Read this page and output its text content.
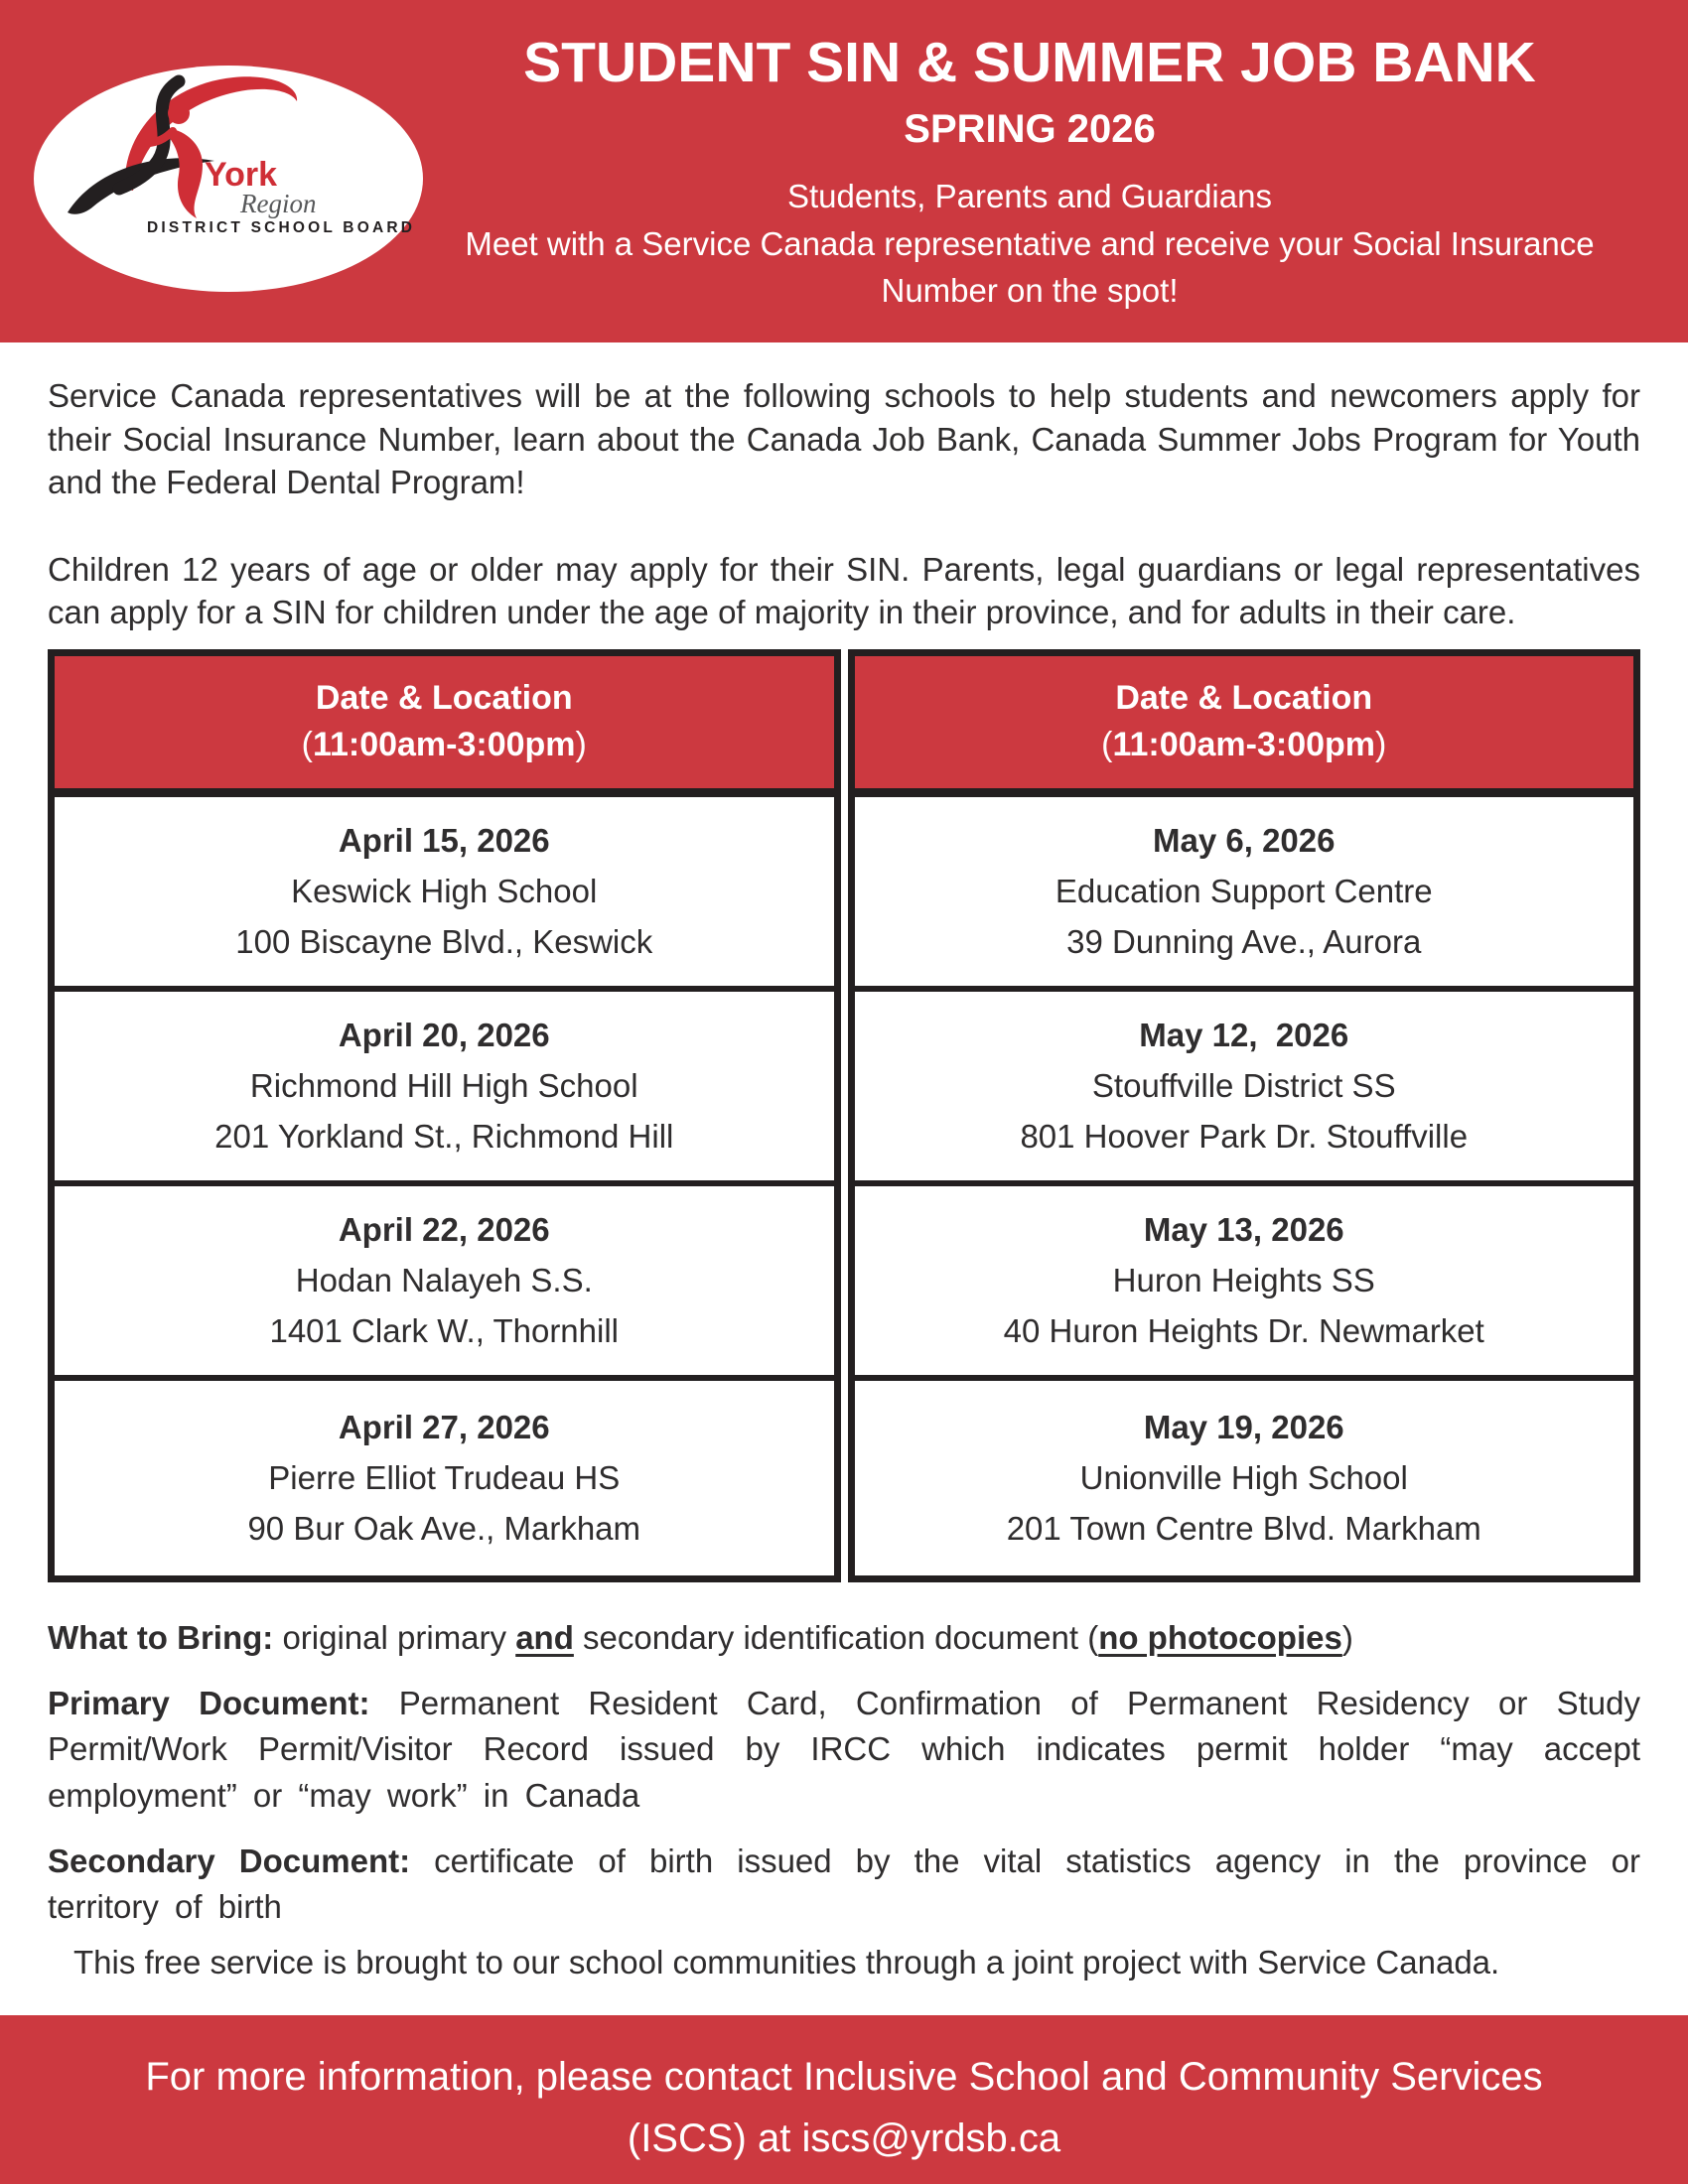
York
Region
DISTRICT SCHOOL BOARD
STUDENT SIN & SUMMER JOB BANK
SPRING 2026
Students, Parents and Guardians
Meet with a Service Canada representative and receive your Social Insurance
Number on the spot!

Service Canada representatives will be at the following schools to help students and newcomers apply for their Social Insurance Number, learn about the Canada Job Bank, Canada Summer Jobs Program for Youth and the Federal Dental Program!

Children 12 years of age or older may apply for their SIN. Parents, legal guardians or legal representatives can apply for a SIN for children under the age of majority in their province, and for adults in their care.

Date & Location
(11:00am-3:00pm)
April 15, 2026
Keswick High School
100 Biscayne Blvd., Keswick
April 20, 2026
Richmond Hill High School
201 Yorkland St., Richmond Hill
April 22, 2026
Hodan Nalayeh S.S.
1401 Clark W., Thornhill
April 27, 2026
Pierre Elliot Trudeau HS
90 Bur Oak Ave., Markham
Date & Location
(11:00am-3:00pm)
May 6, 2026
Education Support Centre
39 Dunning Ave., Aurora
May 12,  2026
Stouffville District SS
801 Hoover Park Dr. Stouffville
May 13, 2026
Huron Heights SS
40 Huron Heights Dr. Newmarket
May 19, 2026
Unionville High School
201 Town Centre Blvd. Markham

What to Bring: original primary and secondary identification document (no photocopies)

Primary Document: Permanent Resident Card, Confirmation of Permanent Residency or Study Permit/Work Permit/Visitor Record issued by IRCC which indicates permit holder “may accept employment” or “may work” in Canada

Secondary Document: certificate of birth issued by the vital statistics agency in the province or territory of birth

This free service is brought to our school communities through a joint project with Service Canada.

For more information, please contact Inclusive School and Community Services
(ISCS) at iscs@yrdsb.ca
